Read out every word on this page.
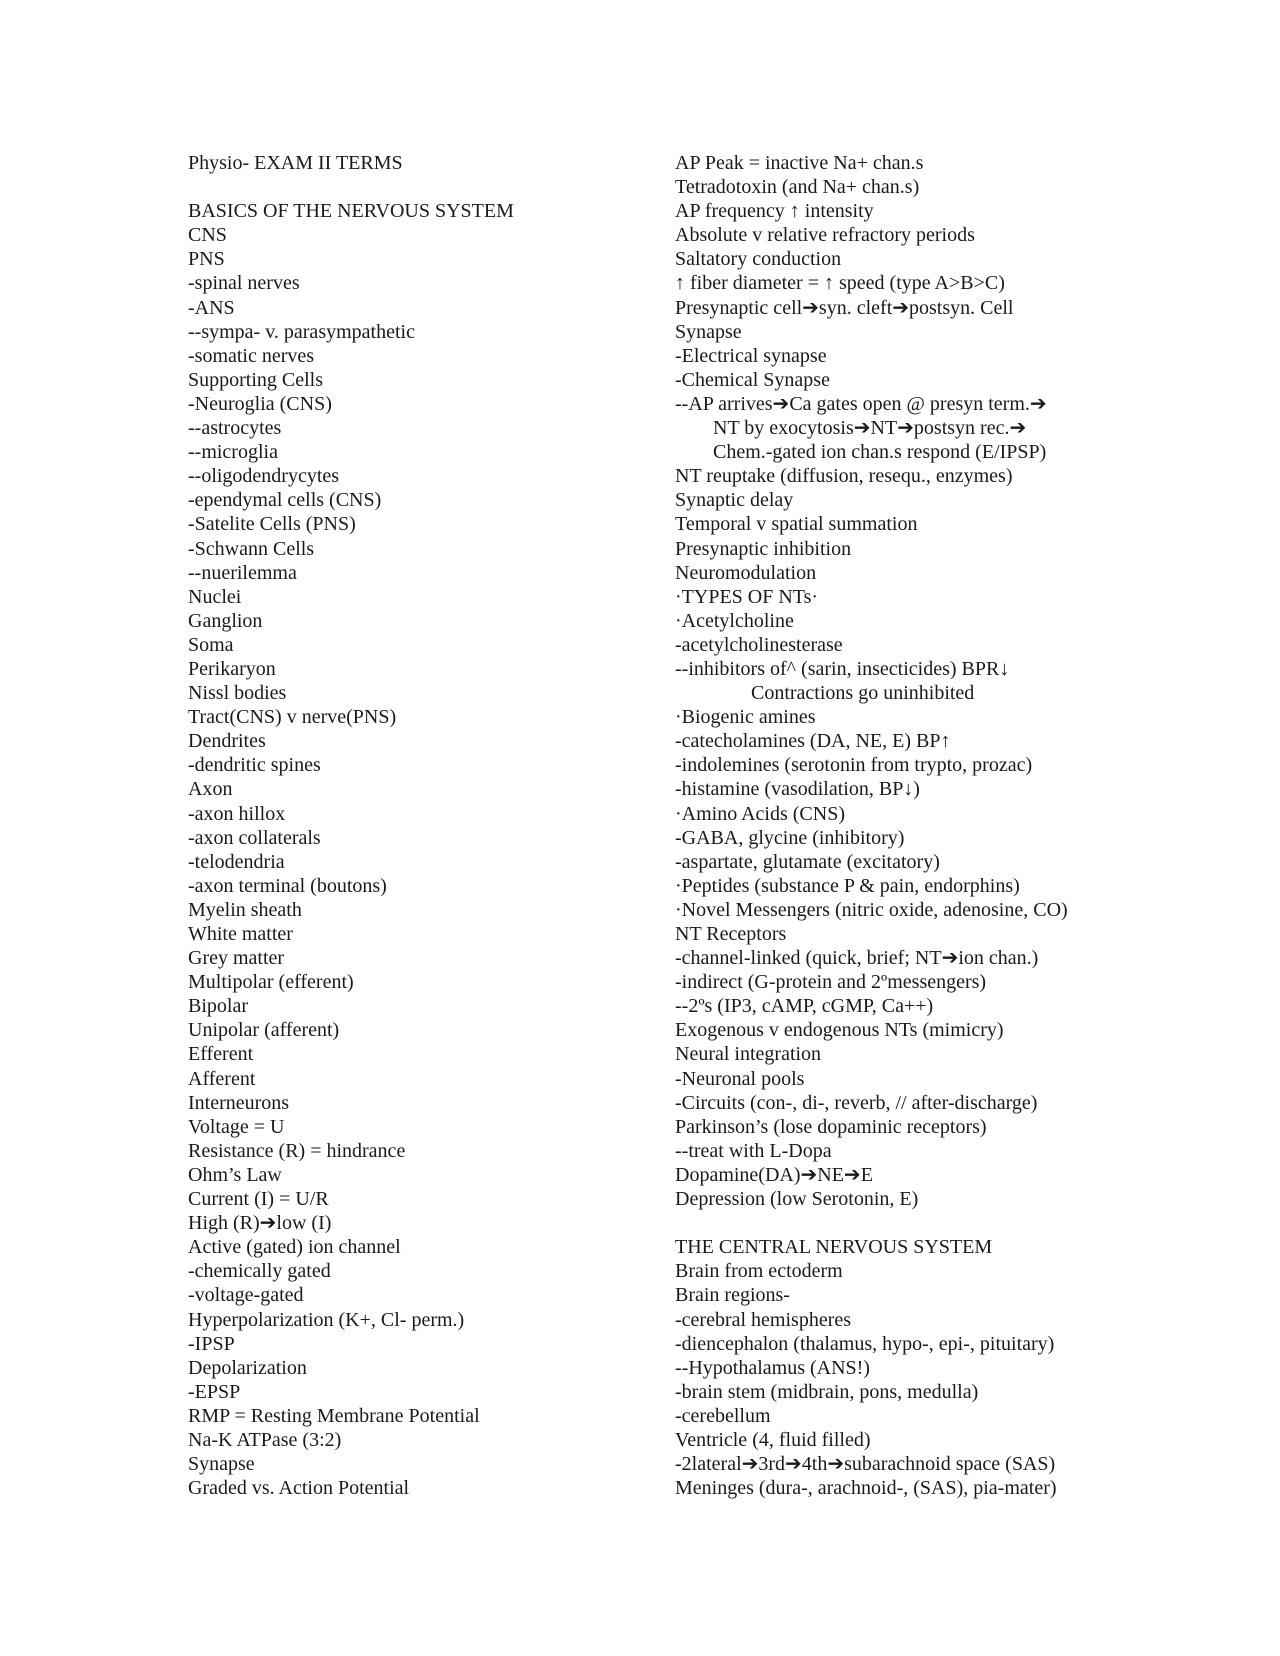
Physio- EXAM II TERMS
BASICS OF THE NERVOUS SYSTEM
CNS
PNS
-spinal nerves
-ANS
--sympa- v. parasympathetic
-somatic nerves
Supporting Cells
-Neuroglia (CNS)
--astrocytes
--microglia
--oligodendrycytes
-ependymal cells (CNS)
-Satelite Cells (PNS)
-Schwann Cells
--nuerilemma
Nuclei
Ganglion
Soma
Perikaryon
Nissl bodies
Tract(CNS) v nerve(PNS)
Dendrites
-dendritic spines
Axon
-axon hillox
-axon collaterals
-telodendria
-axon terminal (boutons)
Myelin sheath
White matter
Grey matter
Multipolar (efferent)
Bipolar
Unipolar (afferent)
Efferent
Afferent
Interneurons
Voltage = U
Resistance (R) = hindrance
Ohm’s Law
Current (I) = U/R
High (R)➔low (I)
Active (gated) ion channel
-chemically gated
-voltage-gated
Hyperpolarization (K+, Cl- perm.)
-IPSP
Depolarization
-EPSP
RMP = Resting Membrane Potential
Na-K ATPase (3:2)
Synapse
Graded vs. Action Potential
AP Peak = inactive Na+ chan.s
Tetradotoxin (and Na+ chan.s)
AP frequency ↑ intensity
Absolute v relative refractory periods
Saltatory conduction
↑ fiber diameter = ↑ speed (type A>B>C)
Presynaptic cell➔syn. cleft➔postsyn. Cell
Synapse
-Electrical synapse
-Chemical Synapse
--AP arrives➔Ca gates open @ presyn term.➔
NT by exocytosis➔NT➔postsyn rec.➔
Chem.-gated ion chan.s respond (E/IPSP)
NT reuptake (diffusion, resequ., enzymes)
Synaptic delay
Temporal v spatial summation
Presynaptic inhibition
Neuromodulation
·TYPES OF NTs·
·Acetylcholine
-acetylcholinesterase
--inhibitors of^ (sarin, insecticides) BPR↓
Contractions go uninhibited
·Biogenic amines
-catecholamines (DA, NE, E) BP↑
-indolemines (serotonin from trypto, prozac)
-histamine (vasodilation, BP↓)
·Amino Acids (CNS)
-GABA, glycine (inhibitory)
-aspartate, glutamate (excitatory)
·Peptides (substance P & pain, endorphins)
·Novel Messengers (nitric oxide, adenosine, CO)
NT Receptors
-channel-linked (quick, brief; NT➔ion chan.)
-indirect (G-protein and 2ºmessengers)
--2ºs (IP3, cAMP, cGMP, Ca++)
Exogenous v endogenous NTs (mimicry)
Neural integration
-Neuronal pools
-Circuits (con-, di-, reverb, // after-discharge)
Parkinson’s (lose dopaminic receptors)
--treat with L-Dopa
Dopamine(DA)➔NE➔E
Depression (low Serotonin, E)
THE CENTRAL NERVOUS SYSTEM
Brain from ectoderm
Brain regions-
-cerebral hemispheres
-diencephalon (thalamus, hypo-, epi-, pituitary)
--Hypothalamus (ANS!)
-brain stem (midbrain, pons, medulla)
-cerebellum
Ventricle (4, fluid filled)
-2lateral➔3rd➔4th➔subarachnoid space (SAS)
Meninges (dura-, arachnoid-, (SAS), pia-mater)
